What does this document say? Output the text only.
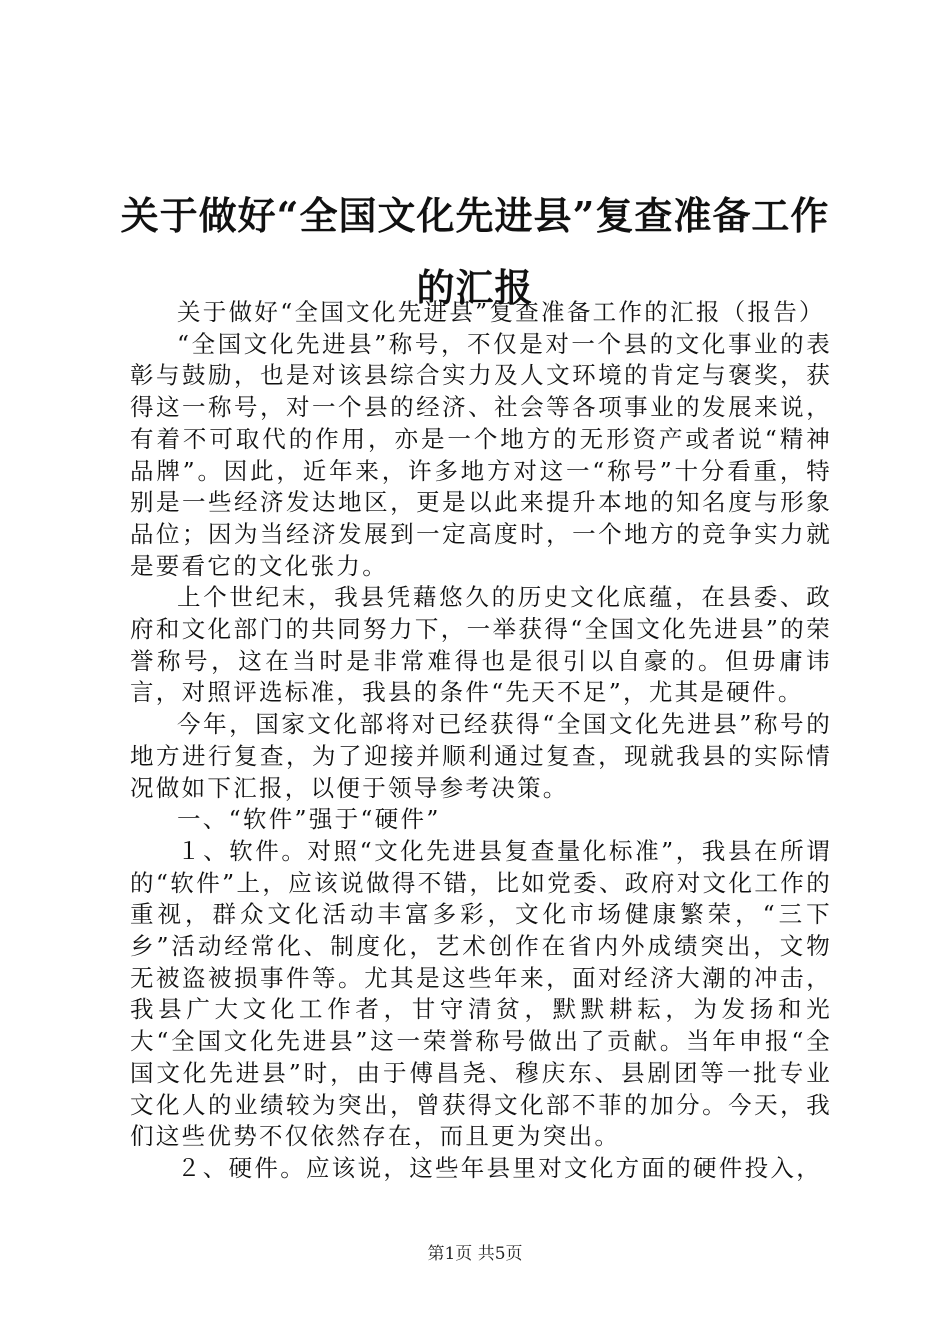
关于做好“全国文化先进县”复查准备工作的汇报

关于做好“全国文化先进县”复查准备工作的汇报（报告）

“全国文化先进县”称号，不仅是对一个县的文化事业的表彰与鼓励，也是对该县综合实力及人文环境的肯定与褒奖，获得这一称号，对一个县的经济、社会等各项事业的发展来说，有着不可取代的作用，亦是一个地方的无形资产或者说“精神品牌”。因此，近年来，许多地方对这一“称号”十分看重，特别是一些经济发达地区，更是以此来提升本地的知名度与形象品位；因为当经济发展到一定高度时，一个地方的竞争实力就是要看它的文化张力。

上个世纪末，我县凭藉悠久的历史文化底蕴，在县委、政府和文化部门的共同努力下，一举获得“全国文化先进县”的荣誉称号，这在当时是非常难得也是很引以自豪的。但毋庸讳言，对照评选标准，我县的条件“先天不足”，尤其是硬件。

今年，国家文化部将对已经获得“全国文化先进县”称号的地方进行复查，为了迎接并顺利通过复查，现就我县的实际情况做如下汇报，以便于领导参考决策。

一、“软件”强于“硬件”

１、软件。对照“文化先进县复查量化标准”，我县在所谓的“软件”上，应该说做得不错，比如党委、政府对文化工作的重视，群众文化活动丰富多彩，文化市场健康繁荣，“三下乡”活动经常化、制度化，艺术创作在省内外成绩突出，文物无被盗被损事件等。尤其是这些年来，面对经济大潮的冲击，我县广大文化工作者，甘守清贫，默默耕耘，为发扬和光大“全国文化先进县”这一荣誉称号做出了贡献。当年申报“全国文化先进县”时，由于傅昌尧、穆庆东、县剧团等一批专业文化人的业绩较为突出，曾获得文化部不菲的加分。今天，我们这些优势不仅依然存在，而且更为突出。

２、硬件。应该说，这些年县里对文化方面的硬件投入，

第1页 共5页
